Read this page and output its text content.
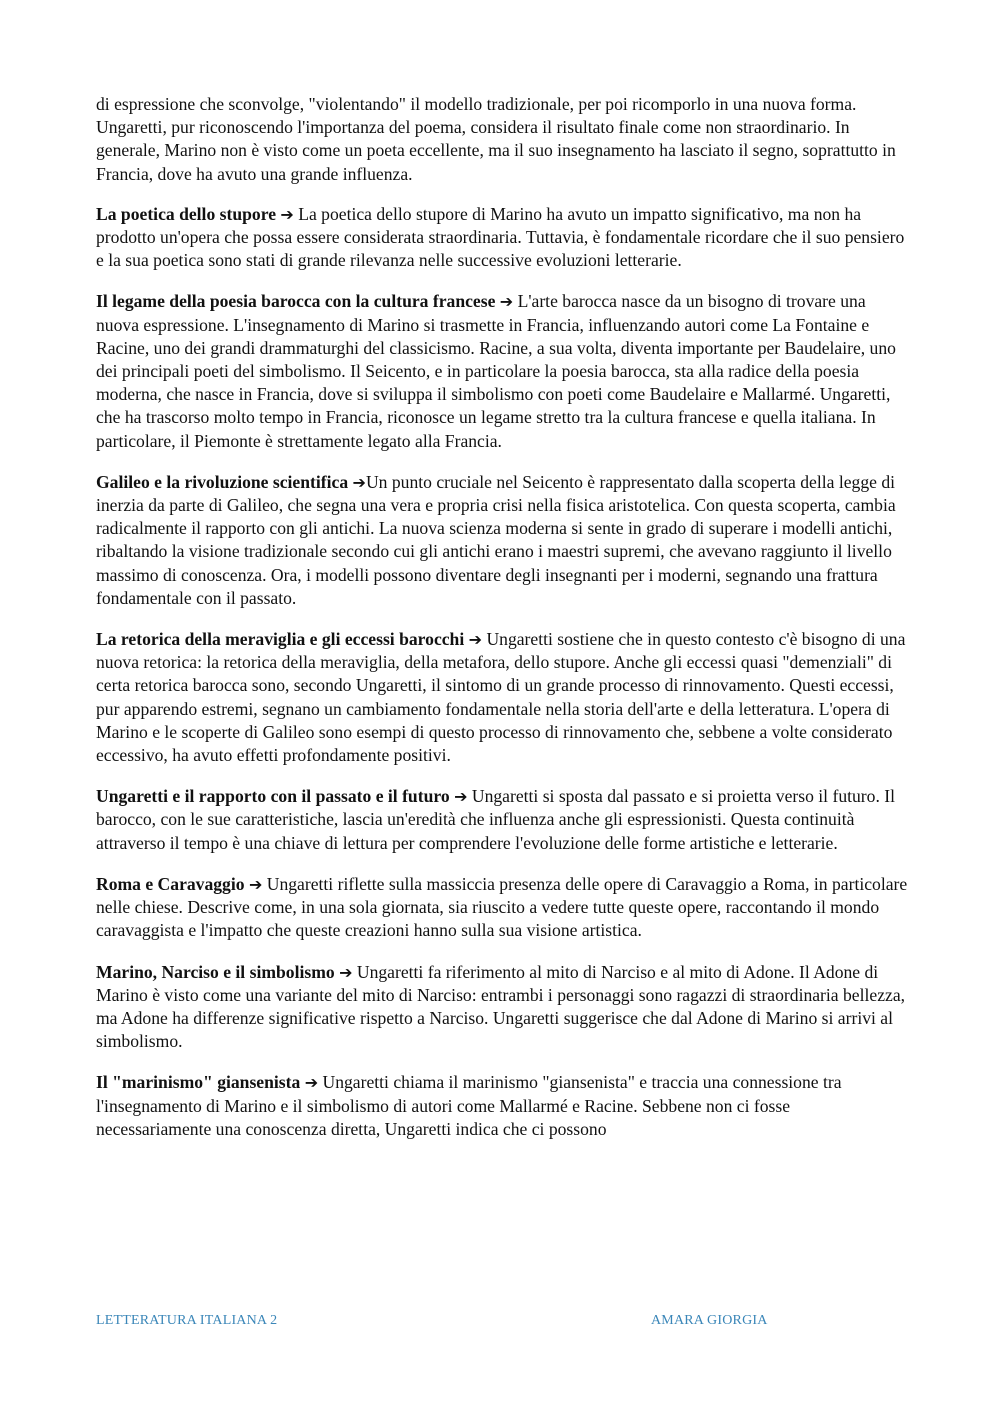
di espressione che sconvolge, "violentando" il modello tradizionale, per poi ricomporlo in una nuova forma. Ungaretti, pur riconoscendo l'importanza del poema, considera il risultato finale come non straordinario. In generale, Marino non è visto come un poeta eccellente, ma il suo insegnamento ha lasciato il segno, soprattutto in Francia, dove ha avuto una grande influenza.

La poetica dello stupore ➔ La poetica dello stupore di Marino ha avuto un impatto significativo, ma non ha prodotto un'opera che possa essere considerata straordinaria. Tuttavia, è fondamentale ricordare che il suo pensiero e la sua poetica sono stati di grande rilevanza nelle successive evoluzioni letterarie.

Il legame della poesia barocca con la cultura francese ➔ L'arte barocca nasce da un bisogno di trovare una nuova espressione. L'insegnamento di Marino si trasmette in Francia, influenzando autori come La Fontaine e Racine, uno dei grandi drammaturghi del classicismo. Racine, a sua volta, diventa importante per Baudelaire, uno dei principali poeti del simbolismo. Il Seicento, e in particolare la poesia barocca, sta alla radice della poesia moderna, che nasce in Francia, dove si sviluppa il simbolismo con poeti come Baudelaire e Mallarmé. Ungaretti, che ha trascorso molto tempo in Francia, riconosce un legame stretto tra la cultura francese e quella italiana. In particolare, il Piemonte è strettamente legato alla Francia.

Galileo e la rivoluzione scientifica ➔Un punto cruciale nel Seicento è rappresentato dalla scoperta della legge di inerzia da parte di Galileo, che segna una vera e propria crisi nella fisica aristotelica. Con questa scoperta, cambia radicalmente il rapporto con gli antichi. La nuova scienza moderna si sente in grado di superare i modelli antichi, ribaltando la visione tradizionale secondo cui gli antichi erano i maestri supremi, che avevano raggiunto il livello massimo di conoscenza. Ora, i modelli possono diventare degli insegnanti per i moderni, segnando una frattura fondamentale con il passato.

La retorica della meraviglia e gli eccessi barocchi ➔ Ungaretti sostiene che in questo contesto c'è bisogno di una nuova retorica: la retorica della meraviglia, della metafora, dello stupore. Anche gli eccessi quasi "demenziali" di certa retorica barocca sono, secondo Ungaretti, il sintomo di un grande processo di rinnovamento. Questi eccessi, pur apparendo estremi, segnano un cambiamento fondamentale nella storia dell'arte e della letteratura. L'opera di Marino e le scoperte di Galileo sono esempi di questo processo di rinnovamento che, sebbene a volte considerato eccessivo, ha avuto effetti profondamente positivi.

Ungaretti e il rapporto con il passato e il futuro ➔ Ungaretti si sposta dal passato e si proietta verso il futuro. Il barocco, con le sue caratteristiche, lascia un'eredità che influenza anche gli espressionisti. Questa continuità attraverso il tempo è una chiave di lettura per comprendere l'evoluzione delle forme artistiche e letterarie.

Roma e Caravaggio ➔ Ungaretti riflette sulla massiccia presenza delle opere di Caravaggio a Roma, in particolare nelle chiese. Descrive come, in una sola giornata, sia riuscito a vedere tutte queste opere, raccontando il mondo caravaggista e l'impatto che queste creazioni hanno sulla sua visione artistica.

Marino, Narciso e il simbolismo ➔ Ungaretti fa riferimento al mito di Narciso e al mito di Adone. Il Adone di Marino è visto come una variante del mito di Narciso: entrambi i personaggi sono ragazzi di straordinaria bellezza, ma Adone ha differenze significative rispetto a Narciso. Ungaretti suggerisce che dal Adone di Marino si arrivi al simbolismo.

Il "marinismo" giansenista ➔ Ungaretti chiama il marinismo "giansenista" e traccia una connessione tra l'insegnamento di Marino e il simbolismo di autori come Mallarmé e Racine. Sebbene non ci fosse necessariamente una conoscenza diretta, Ungaretti indica che ci possono

LETTERATURA ITALIANA 2	AMARA GIORGIA
